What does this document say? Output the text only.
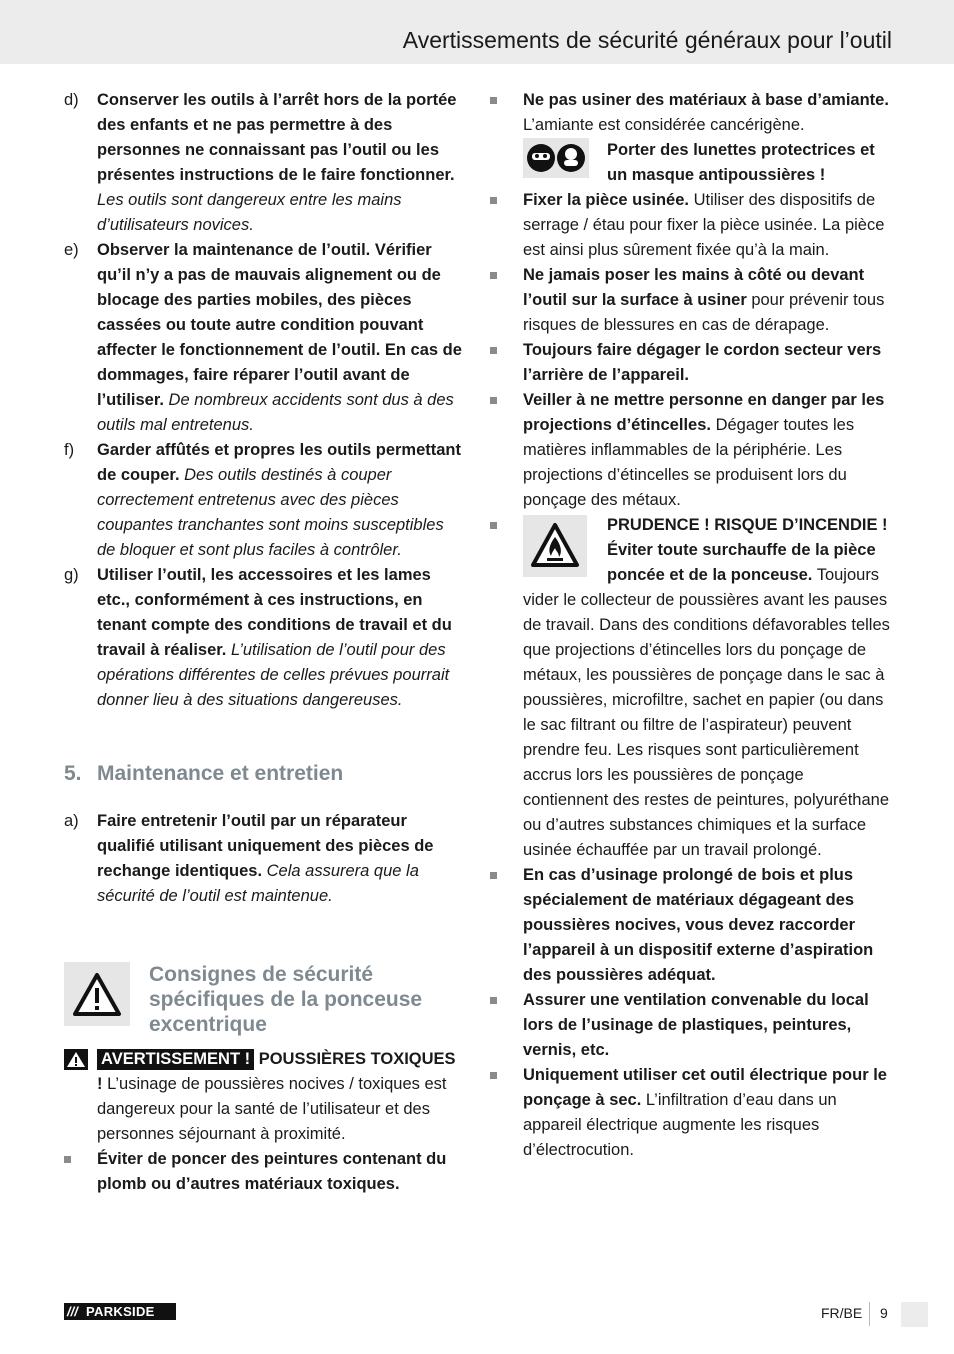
Avertissements de sécurité généraux pour l’outil
d)	Conserver les outils à l’arrêt hors de la portée des enfants et ne pas permettre à des personnes ne connaissant pas l’outil ou les présentes instructions de le faire fonctionner. Les outils sont dangereux entre les mains d’utilisateurs novices.

e)	Observer la maintenance de l’outil. Vérifier qu’il n’y a pas de mauvais alignement ou de blocage des parties mobiles, des pièces cassées ou toute autre condition pouvant affecter le fonctionnement de l’outil. En cas de dommages, faire réparer l’outil avant de l’utiliser. De nombreux accidents sont dus à des outils mal entretenus.

f)	Garder affûtés et propres les outils permettant de couper. Des outils destinés à couper correctement entretenus avec des pièces coupantes tranchantes sont moins susceptibles de bloquer et sont plus faciles à contrôler.

g)	Utiliser l’outil, les accessoires et les lames etc., conformément à ces instructions, en tenant compte des conditions de travail et du travail à réaliser. L’utilisation de l’outil pour des opérations différentes de celles prévues pourrait donner lieu à des situations dangereuses.

5. Maintenance et entretien
a)	Faire entretenir l’outil par un réparateur qualifié utilisant uniquement des pièces de rechange identiques. Cela assurera que la sécurité de l’outil est maintenue.

Consignes de sécurité spécifiques de la ponceuse excentrique

AVERTISSEMENT ! POUSSIÈRES TOXIQUES ! L’usinage de poussières nocives / toxiques est dangereux pour la santé de l’utilisateur et des personnes séjournant à proximité.

Éviter de poncer des peintures contenant du plomb ou d’autres matériaux toxiques.

Ne pas usiner des matériaux à base d’amiante. L’amiante est considérée cancérigène.

Porter des lunettes protectrices et un masque antipoussières !

Fixer la pièce usinée. Utiliser des dispositifs de serrage / étau pour fixer la pièce usinée. La pièce est ainsi plus sûrement fixée qu’à la main.

Ne jamais poser les mains à côté ou devant l’outil sur la surface à usiner pour prévenir tous risques de blessures en cas de dérapage.

Toujours faire dégager le cordon secteur vers l’arrière de l’appareil.

Veiller à ne mettre personne en danger par les projections d’étincelles. Dégager toutes les matières inflammables de la périphérie. Les projections d’étincelles se produisent lors du ponçage des métaux.

PRUDENCE ! RISQUE D’INCENDIE ! Éviter toute surchauffe de la pièce poncée et de la ponceuse. Toujours vider le collecteur de poussières avant les pauses de travail. Dans des conditions défavorables telles que projections d’étincelles lors du ponçage de métaux, les poussières de ponçage dans le sac à poussières, microfiltre, sachet en papier (ou dans le sac filtrant ou filtre de l’aspirateur) peuvent prendre feu. Les risques sont particulièrement accrus lors les poussières de ponçage contiennent des restes de peintures, polyuréthane ou d’autres substances chimiques et la surface usinée échauffée par un travail prolongé.

En cas d’usinage prolongé de bois et plus spécialement de matériaux dégageant des poussières nocives, vous devez raccorder l’appareil à un dispositif externe d’aspiration des poussières adéquat.

Assurer une ventilation convenable du local lors de l’usinage de plastiques, peintures, vernis, etc.

Uniquement utiliser cet outil électrique pour le ponçage à sec. L’infiltration d’eau dans un appareil électrique augmente les risques d’électrocution.

/// PARKSIDE	FR/BE 9
